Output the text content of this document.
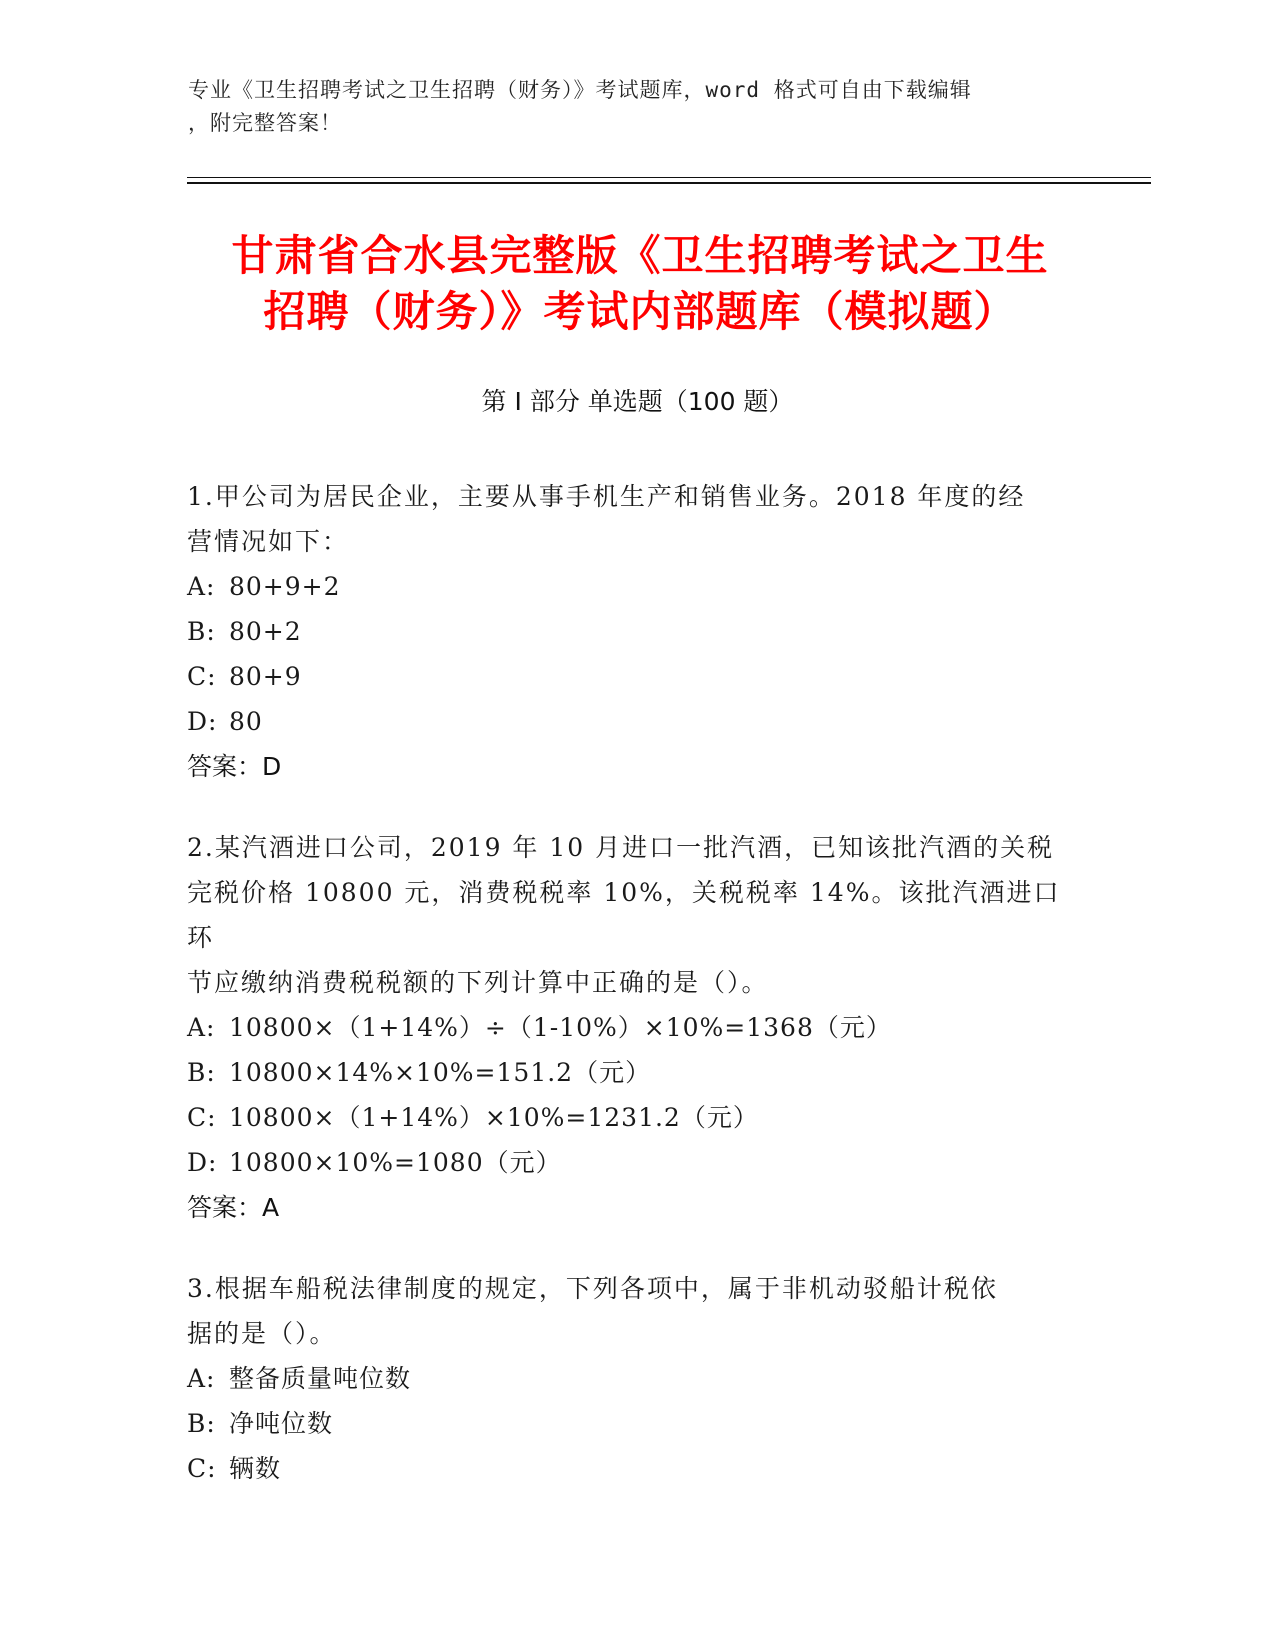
专业《卫生招聘考试之卫生招聘（财务）》考试题库，word 格式可自由下载编辑
，附完整答案！
甘肃省合水县完整版《卫生招聘考试之卫生
招聘（财务）》考试内部题库（模拟题）
第 I 部分 单选题（100 题）

1.甲公司为居民企业，主要从事手机生产和销售业务。2018 年度的经

营情况如下：

A: 80+9+2

B: 80+2

C: 80+9

D: 80

答案：D

2.某汽酒进口公司，2019 年 10 月进口一批汽酒，已知该批汽酒的关税

完税价格 10800 元，消费税税率 10%，关税税率 14%。该批汽酒进口环

节应缴纳消费税税额的下列计算中正确的是（）。

A: 10800×（1+14%）÷（1-10%）×10%=1368（元）

B: 10800×14%×10%=151.2（元）

C: 10800×（1+14%）×10%=1231.2（元）

D: 10800×10%=1080（元）

答案：A

3.根据车船税法律制度的规定，下列各项中，属于非机动驳船计税依

据的是（）。

A: 整备质量吨位数

B: 净吨位数

C: 辆数
